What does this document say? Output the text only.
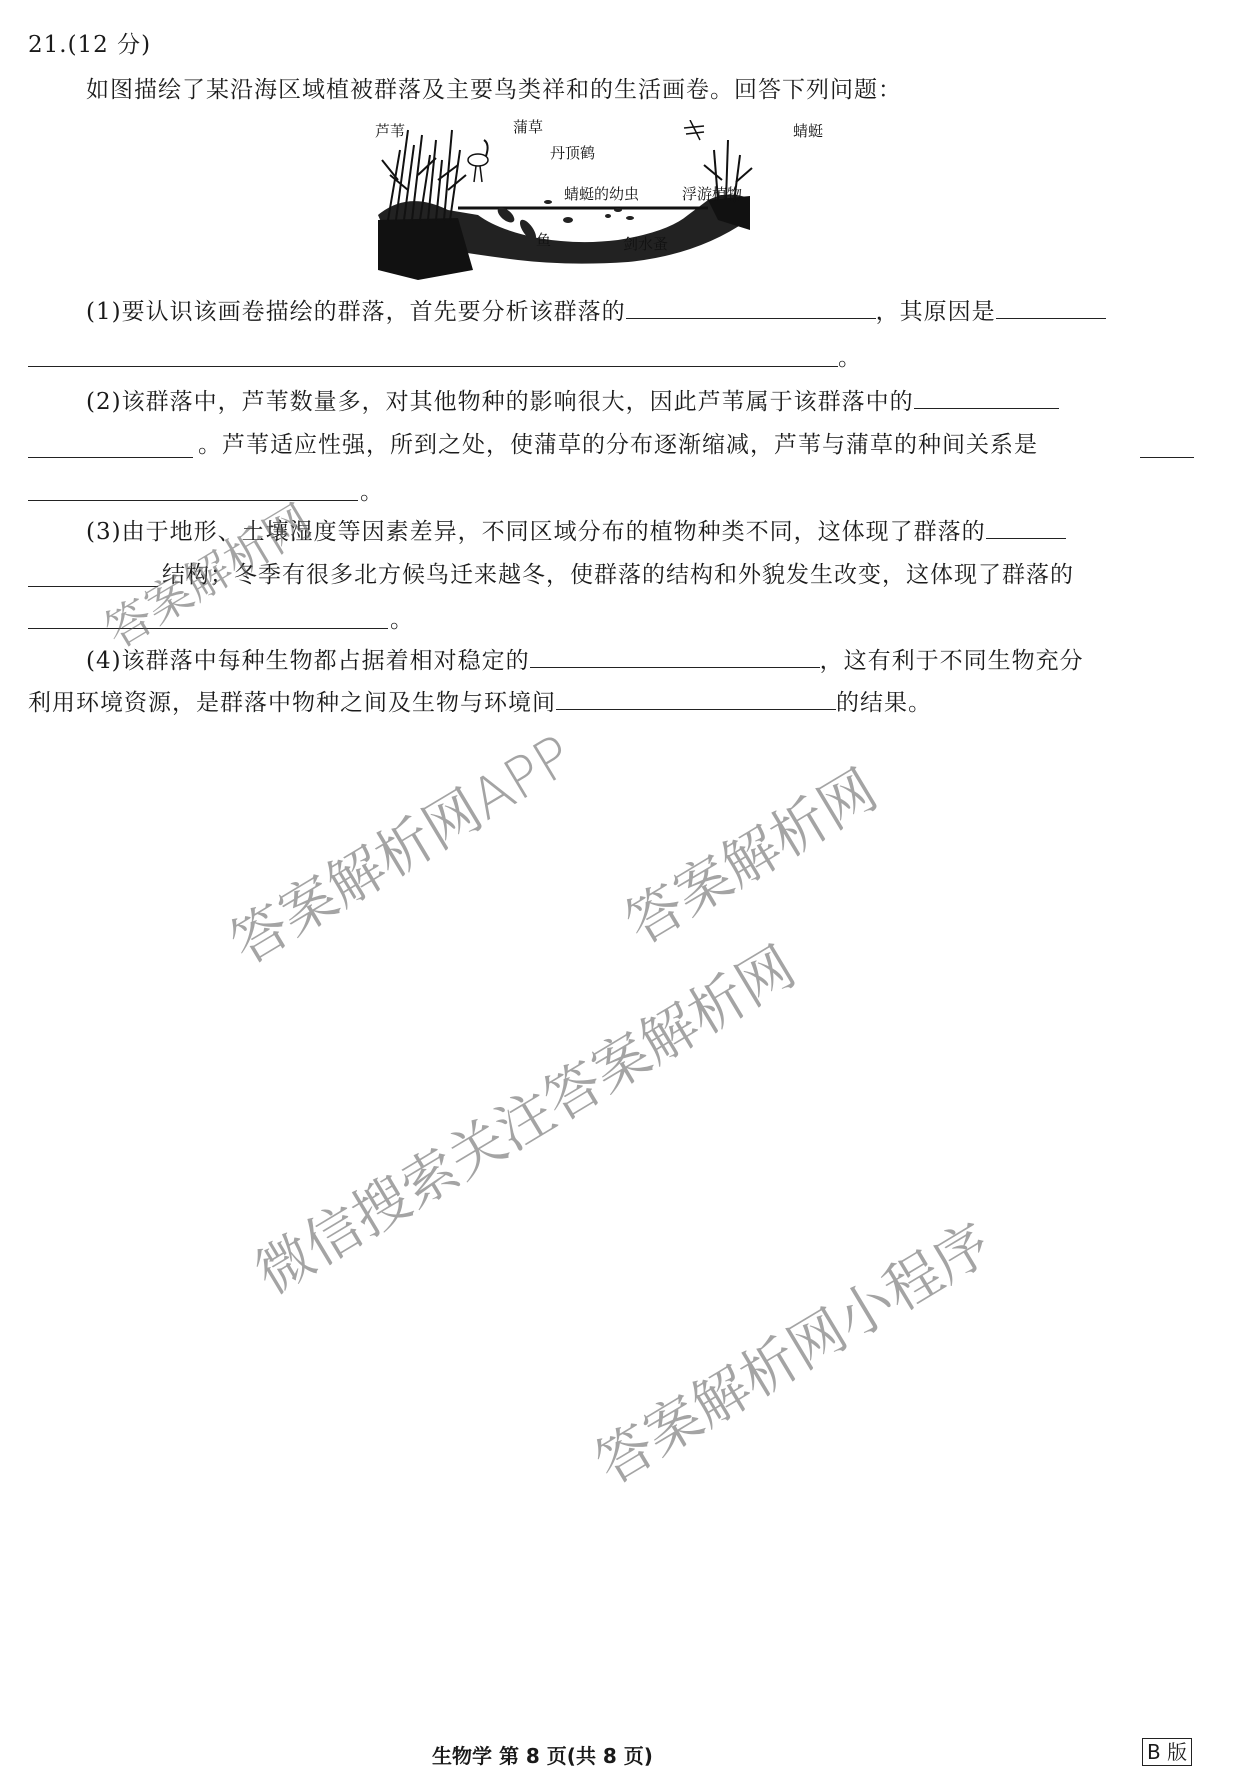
21.(12 分)
如图描绘了某沿海区域植被群落及主要鸟类祥和的生活画卷。回答下列问题：
芦苇	蒲草	蜻蜓
丹顶鹤
蜻蜓的幼虫	浮游植物
鱼	剑水蚤
(1)要认识该画卷描绘的群落，首先要分析该群落的	，其原因是
。
(2)该群落中，芦苇数量多，对其他物种的影响很大，因此芦苇属于该群落中的
。芦苇适应性强，所到之处，使蒲草的分布逐渐缩减，芦苇与蒲草的种间关系是
。
(3)由于地形、土壤湿度等因素差异，不同区域分布的植物种类不同，这体现了群落的
结构；冬季有很多北方候鸟迁来越冬，使群落的结构和外貌发生改变，这体现了群落的
。
(4)该群落中每种生物都占据着相对稳定的	，这有利于不同生物充分
利用环境资源，是群落中物种之间及生物与环境间	的结果。
答案解析网
答案解析网APP 答案解析网
微信搜索关注答案解析网
答案解析网小程序
生物学 第 8 页(共 8 页)	B 版
